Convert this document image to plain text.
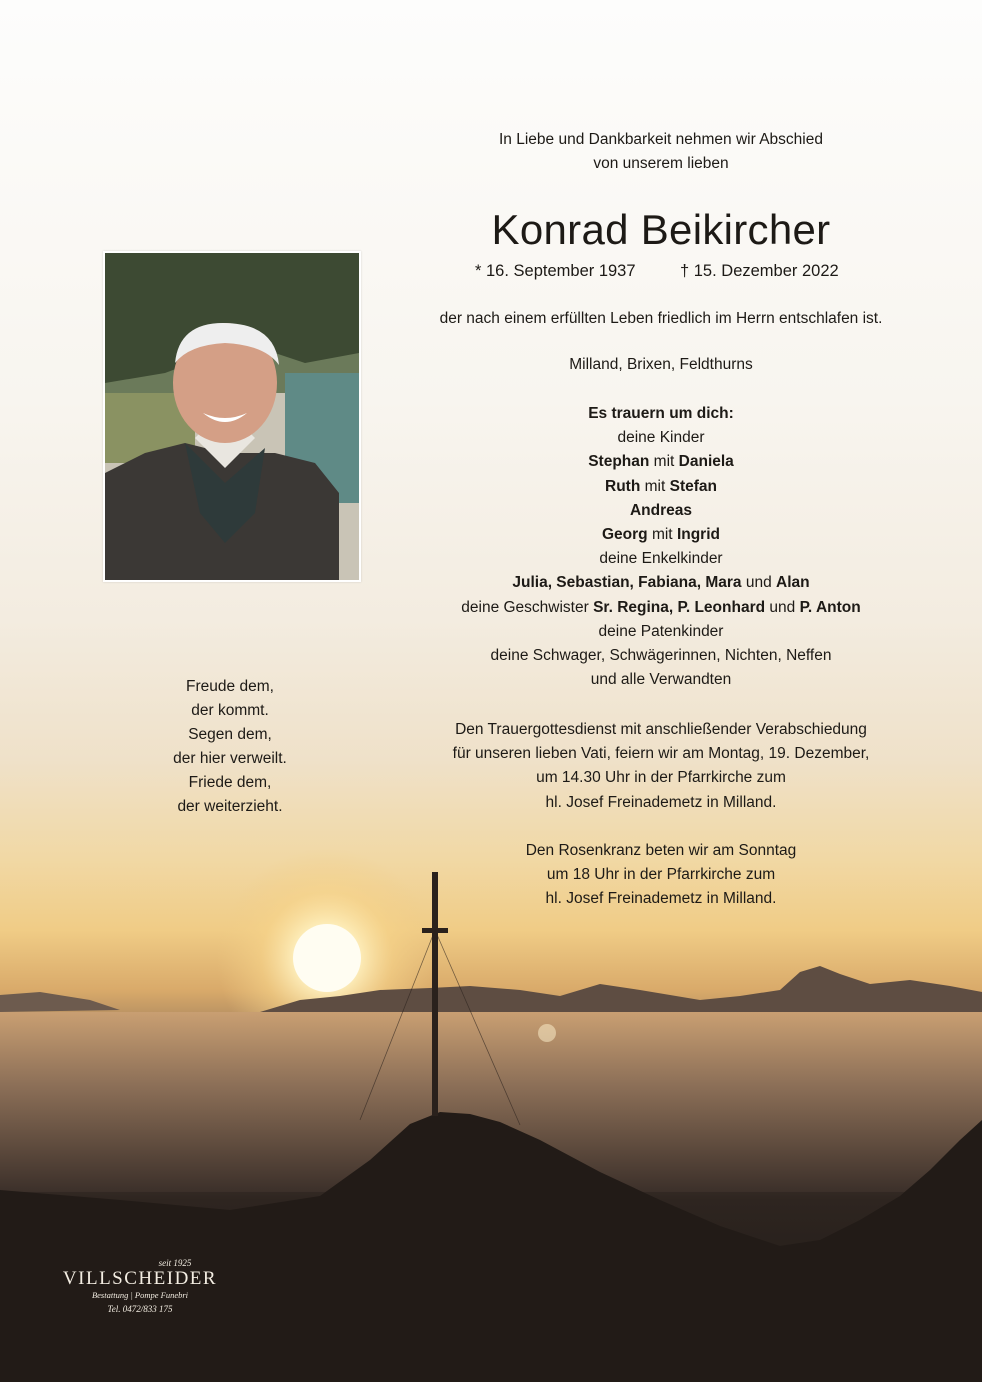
In Liebe und Dankbarkeit nehmen wir Abschied
von unserem lieben
Konrad Beikircher
* 16. September 1937	† 15. Dezember 2022
der nach einem erfüllten Leben friedlich im Herrn entschlafen ist.
Milland, Brixen, Feldthurns
Es trauern um dich:
deine Kinder
Stephan mit Daniela
Ruth mit Stefan
Andreas
Georg mit Ingrid
deine Enkelkinder
Julia, Sebastian, Fabiana, Mara und Alan
deine Geschwister Sr. Regina, P. Leonhard und P. Anton
deine Patenkinder
deine Schwager, Schwägerinnen, Nichten, Neffen
und alle Verwandten
Den Trauergottesdienst mit anschließender Verabschiedung
für unseren lieben Vati, feiern wir am Montag, 19. Dezember,
um 14.30 Uhr in der Pfarrkirche zum
hl. Josef Freinademetz in Milland.
Den Rosenkranz beten wir am Sonntag
um 18 Uhr in der Pfarrkirche zum
hl. Josef Freinademetz in Milland.
Freude dem,
der kommt.
Segen dem,
der hier verweilt.
Friede dem,
der weiterzieht.
seit 1925
VILLSCHEIDER
Bestattung | Pompe Funebri
Tel. 0472/833 175
